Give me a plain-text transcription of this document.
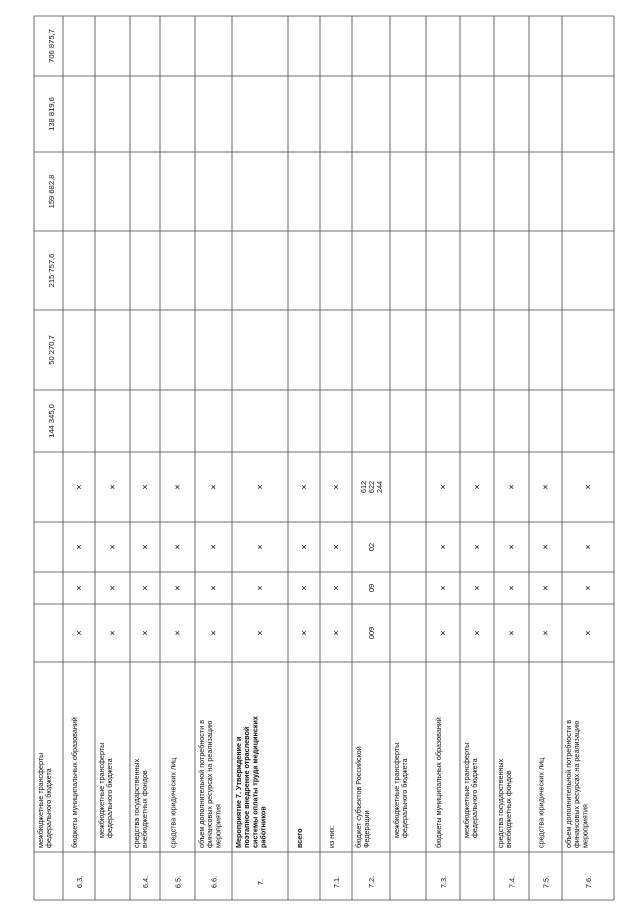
межбюджетные трансферты федерального бюджета
6.3.
бюджеты муниципальных образований
×
×
×
×
межбюджетные трансферты федерального бюджета
×
×
×
×
6.4.
средства государственных внебюджетных фондов
×
×
×
×
6.5.
средства юридических лиц
×
×
×
×
6.6.
объем дополнительной потребности в финансовых ресурсах на реализацию мероприятия
×
×
×
×
7.
Мероприятие 7. Утверждение и поэтапное внедрение отраслевой системы оплаты труда медицинских работников
×
×
×
×
всего
×
×
×
×
7.1.
из них:
×
×
×
×
7.2.
бюджет субъектов Российской Федерации
009
09
02
612 622 244
межбюджетные трансферты федерального бюджета
7.3.
бюджеты муниципальных образований
×
×
×
×
межбюджетные трансферты федерального бюджета
×
×
×
×
7.4.
средства государственных внебюджетных фондов
×
×
×
×
7.5.
средства юридических лиц
×
×
×
×
7.6.
объем дополнительной потребности в финансовых ресурсах на реализацию мероприятия
×
×
×
×
144 345,0
50 270,7
215 757,6
159 682,8
138 819,6
706 875,7
